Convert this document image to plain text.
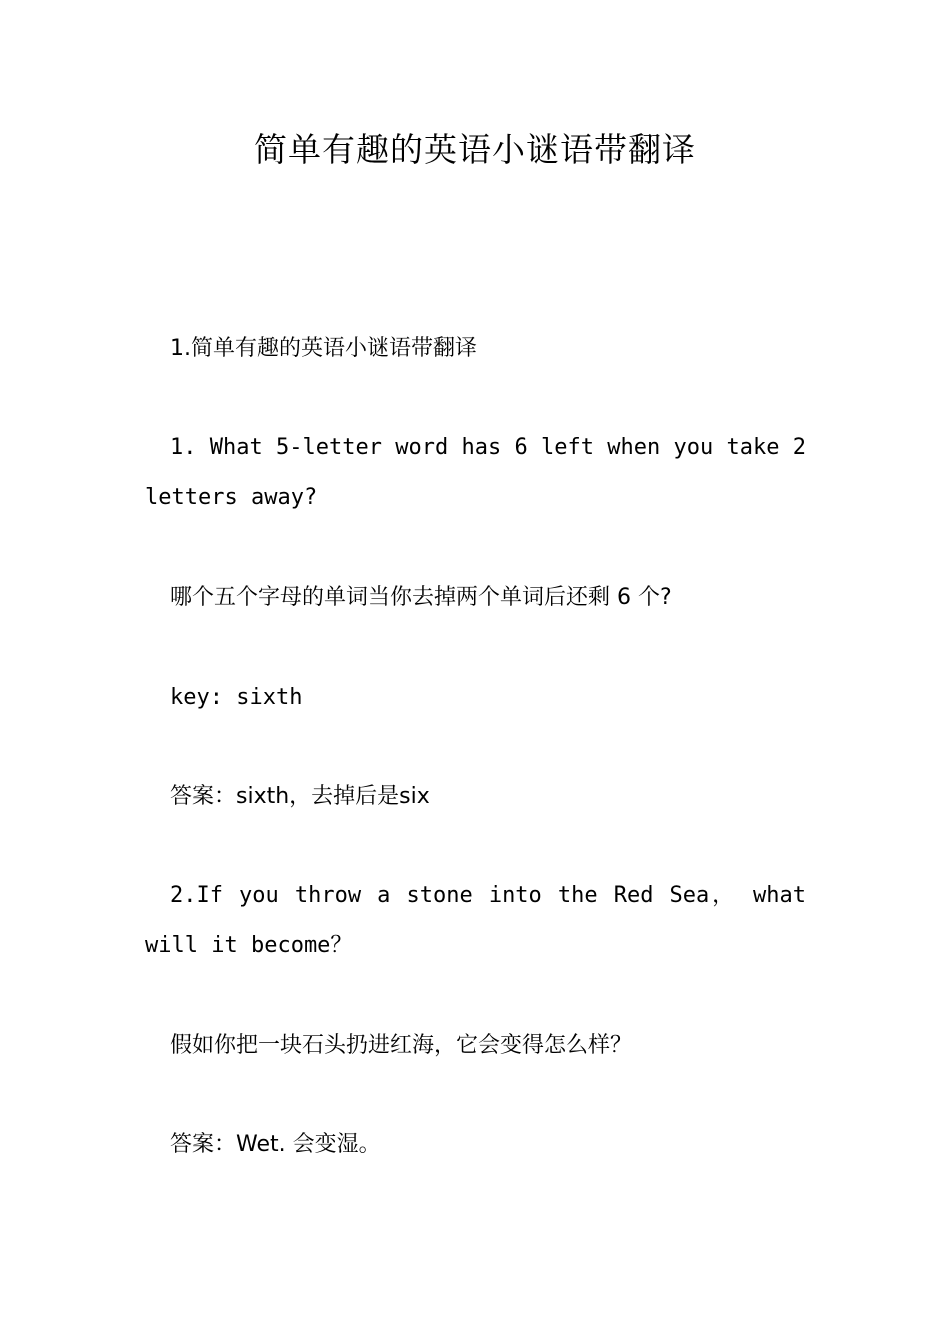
简单有趣的英语小谜语带翻译
1.简单有趣的英语小谜语带翻译
1. What 5-letter word has 6 left when you take 2
letters away?
哪个五个字母的单词当你去掉两个单词后还剩 6 个?
key: sixth
答案：sixth，去掉后是six
2.If you throw a stone into the Red Sea， what
will it become？
假如你把一块石头扔进红海，它会变得怎么样？
答案：Wet. 会变湿。
